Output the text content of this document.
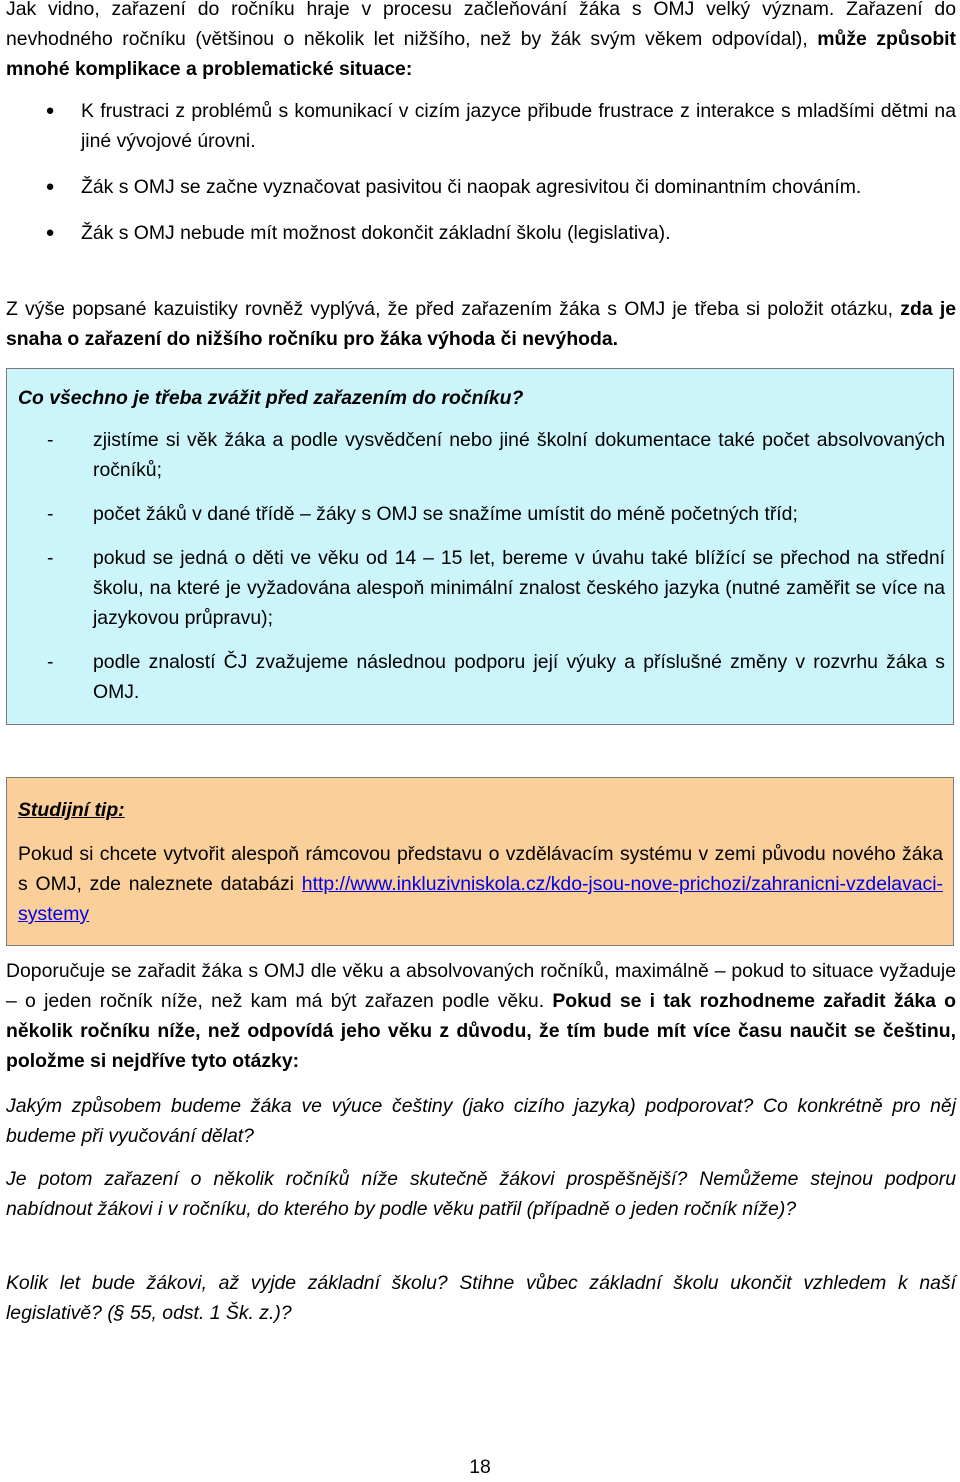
Jak vidno, zařazení do ročníku hraje v procesu začleňování žáka s OMJ velký význam. Zařazení do nevhodného ročníku (většinou o několik let nižšího, než by žák svým věkem odpovídal), může způsobit mnohé komplikace a problematické situace:

● K frustraci z problémů s komunikací v cizím jazyce přibude frustrace z interakce s mladšími dětmi na jiné vývojové úrovni.
● Žák s OMJ se začne vyznačovat pasivitou či naopak agresivitou či dominantním chováním.
● Žák s OMJ nebude mít možnost dokončit základní školu (legislativa).

Z výše popsané kazuistiky rovněž vyplývá, že před zařazením žáka s OMJ je třeba si položit otázku, zda je snaha o zařazení do nižšího ročníku pro žáka výhoda či nevýhoda.

Co všechno je třeba zvážit před zařazením do ročníku?

- zjistíme si věk žáka a podle vysvědčení nebo jiné školní dokumentace také počet absolvovaných ročníků;
- počet žáků v dané třídě – žáky s OMJ se snažíme umístit do méně početných tříd;
- pokud se jedná o děti ve věku od 14 – 15 let, bereme v úvahu také blížící se přechod na střední školu, na které je vyžadována alespoň minimální znalost českého jazyka (nutné zaměřit se více na jazykovou průpravu);
- podle znalostí ČJ zvažujeme následnou podporu její výuky a příslušné změny v rozvrhu žáka s OMJ.

Studijní tip:

Pokud si chcete vytvořit alespoň rámcovou představu o vzdělávacím systému v zemi původu nového žáka s OMJ, zde naleznete databázi http://www.inkluzivniskola.cz/kdo-jsou-nove-prichozi/zahranicni-vzdelavaci-systemy

Doporučuje se zařadit žáka s OMJ dle věku a absolvovaných ročníků, maximálně – pokud to situace vyžaduje – o jeden ročník níže, než kam má být zařazen podle věku. Pokud se i tak rozhodneme zařadit žáka o několik ročníku níže, než odpovídá jeho věku z důvodu, že tím bude mít více času naučit se češtinu, položme si nejdříve tyto otázky:

Jakým způsobem budeme žáka ve výuce češtiny (jako cizího jazyka) podporovat? Co konkrétně pro něj budeme při vyučování dělat?

Je potom zařazení o několik ročníků níže skutečně žákovi prospěšnější? Nemůžeme stejnou podporu nabídnout žákovi i v ročníku, do kterého by podle věku patřil (případně o jeden ročník níže)?

Kolik let bude žákovi, až vyjde základní školu? Stihne vůbec základní školu ukončit vzhledem k naší legislativě? (§ 55, odst. 1 Šk. z.)?

18
